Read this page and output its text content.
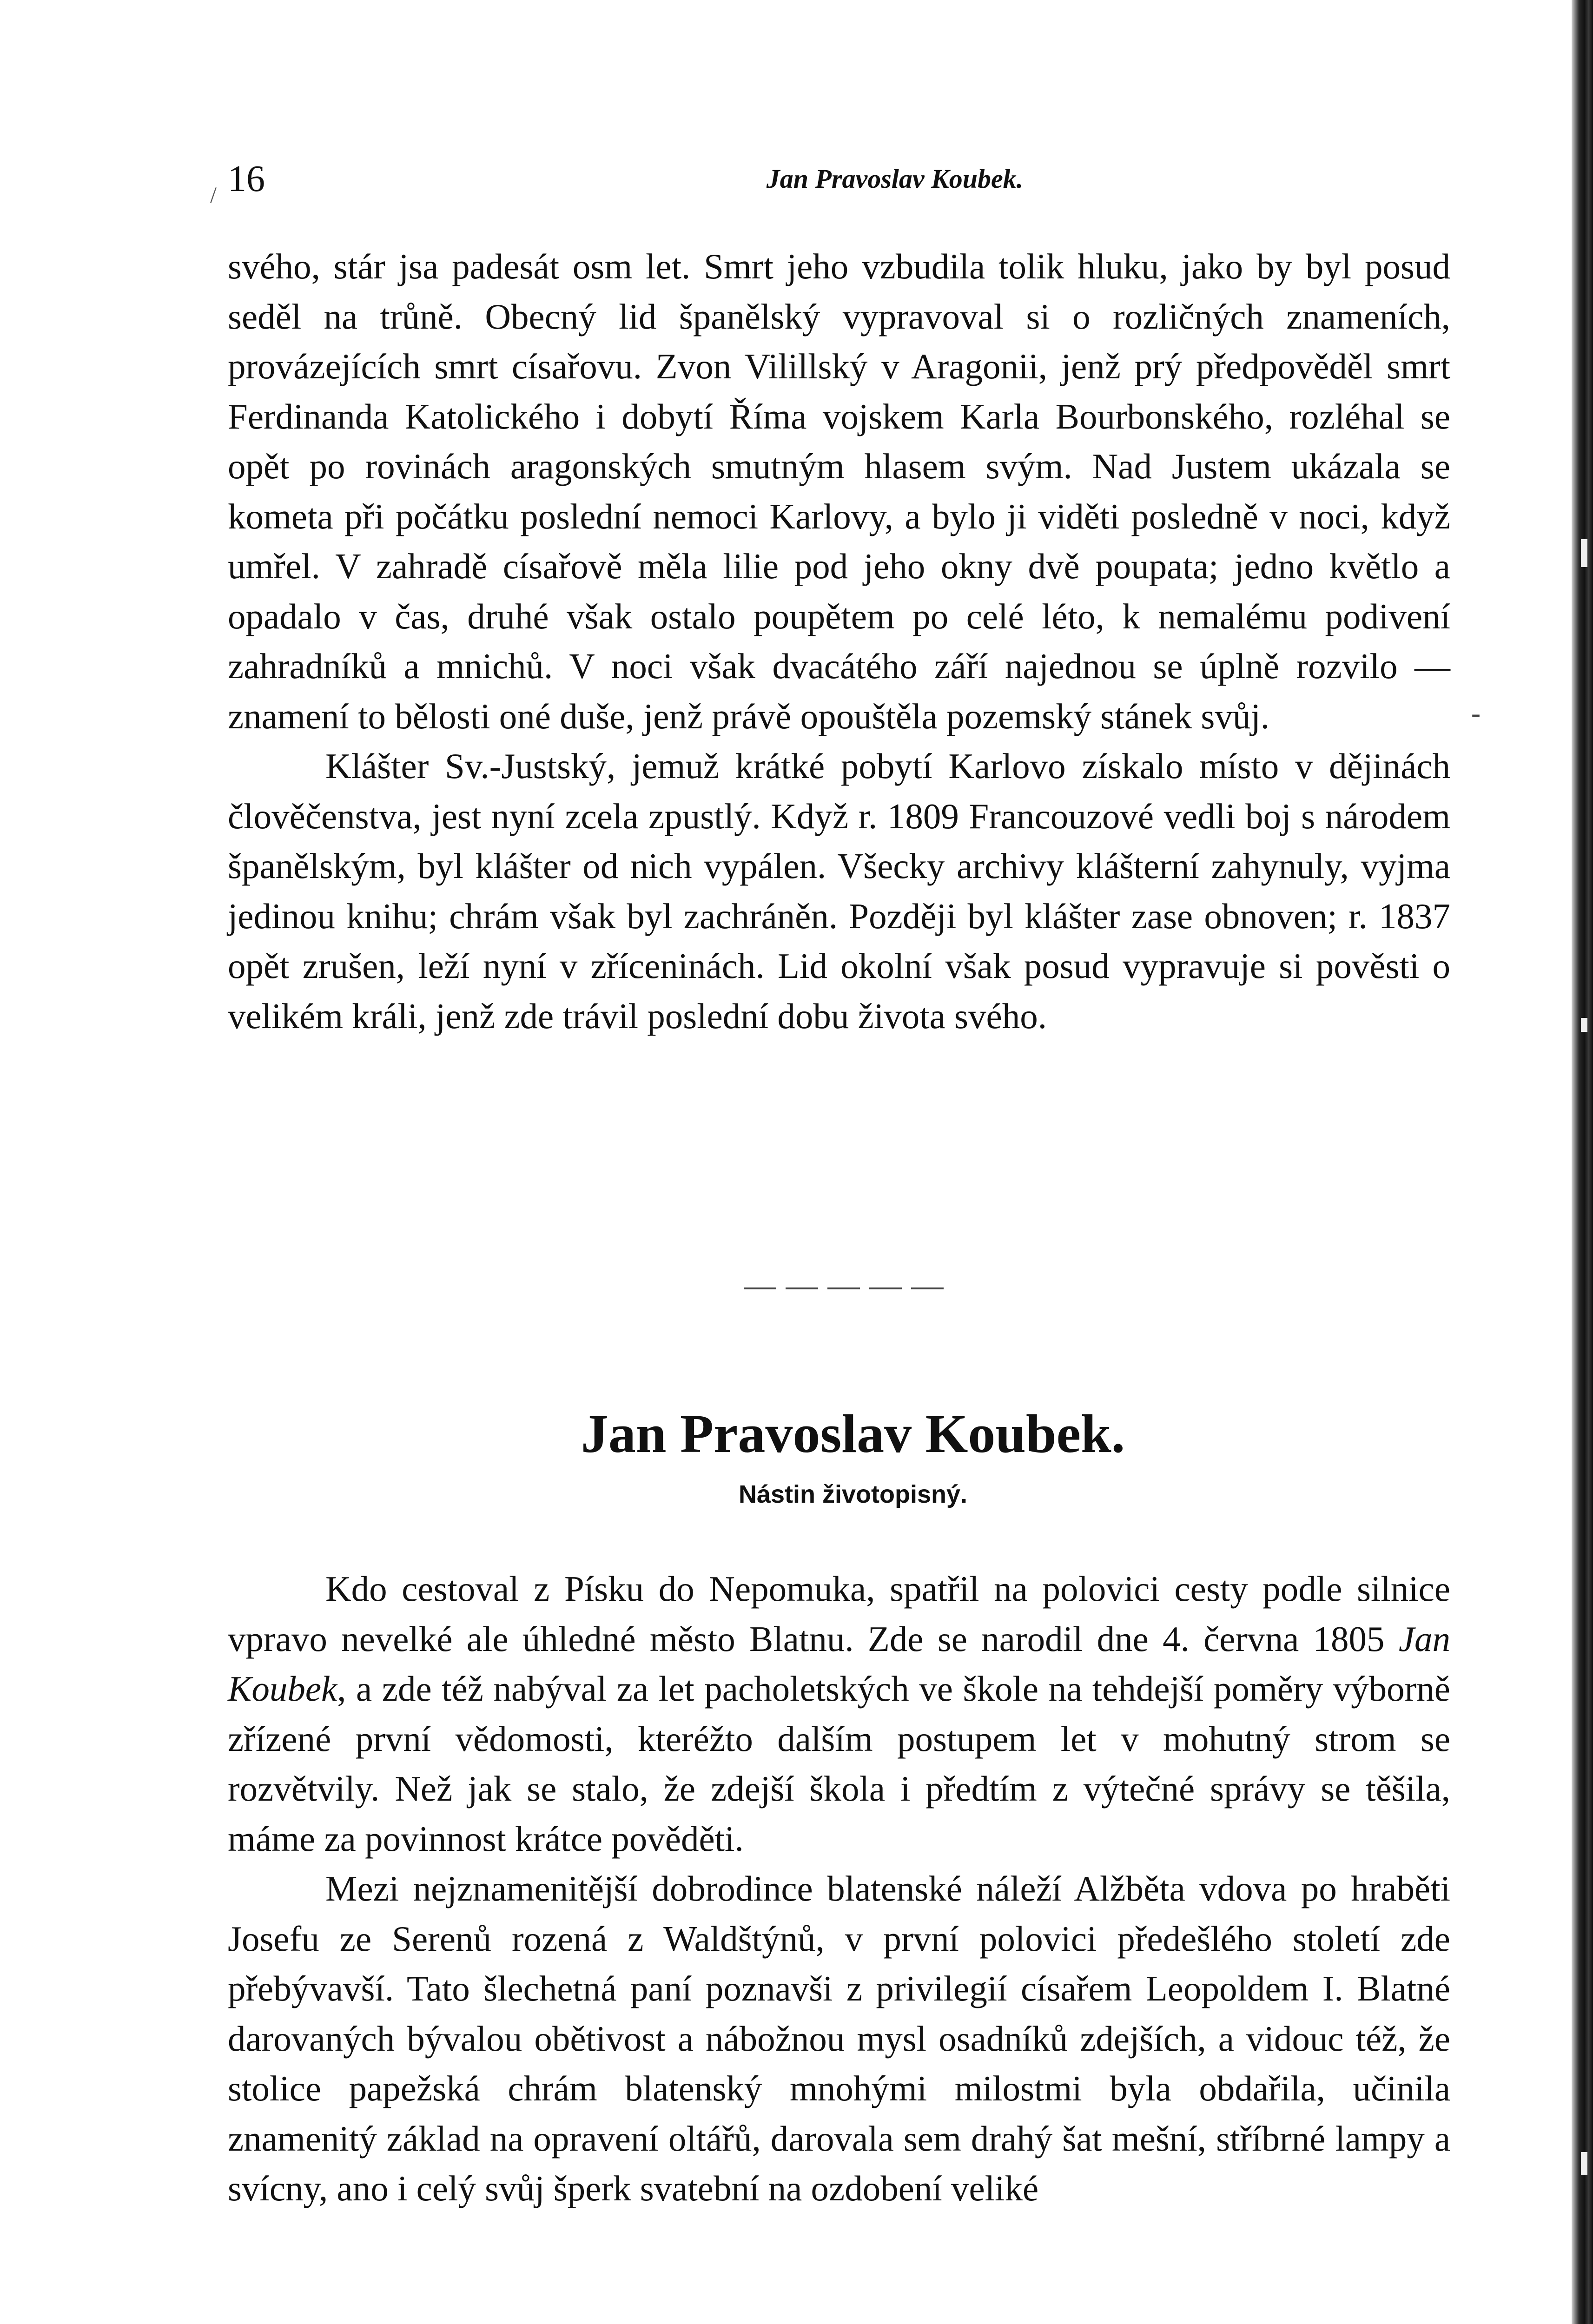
/ 16	Jan Pravoslav Koubek.

svého, stár jsa padesát osm let. Smrt jeho vzbudila tolik hluku, jako by byl posud seděl na trůně. Obecný lid španělský vypravoval si o rozličných znameních, provázejících smrt císařovu. Zvon Vilillský v Aragonii, jenž prý předpověděl smrt Ferdinanda Katolického i dobytí Říma vojskem Karla Bourbonského, rozléhal se opět po rovinách aragonských smutným hlasem svým. Nad Justem ukázala se kometa při počátku poslední nemoci Karlovy, a bylo ji viděti posledně v noci, když umřel. V zahradě císařově měla lilie pod jeho okny dvě poupata; jedno květlo a opadalo v čas, druhé však ostalo poupětem po celé léto, k nemalému podivení zahradníků a mnichů. V noci však dvacátého září najednou se úplně rozvilo — znamení to bělosti oné duše, jenž právě opouštěla pozemský stánek svůj.

Klášter Sv.-Justský, jemuž krátké pobytí Karlovo získalo místo v dějinách člověčenstva, jest nyní zcela zpustlý. Když r. 1809 Francouzové vedli boj s národem španělským, byl klášter od nich vypálen. Všecky archivy klášterní zahynuly, vyjma jedinou knihu; chrám však byl zachráněn. Později byl klášter zase obnoven; r. 1837 opět zrušen, leží nyní v zříceninách. Lid okolní však posud vypravuje si pověsti o velikém králi, jenž zde trávil poslední dobu života svého.

Jan Pravoslav Koubek.
Nástin životopisný.

Kdo cestoval z Písku do Nepomuka, spatřil na polovici cesty podle silnice vpravo nevelké ale úhledné město Blatnu. Zde se narodil dne 4. června 1805 Jan Koubek, a zde též nabýval za let pacholetských ve škole na tehdejší poměry výborně zřízené první vědomosti, kteréžto dalším postupem let v mohutný strom se rozvětvily. Než jak se stalo, že zdejší škola i předtím z výtečné správy se těšila, máme za povinnost krátce pověděti.

Mezi nejznamenitější dobrodince blatenské náleží Alžběta vdova po hraběti Josefu ze Serenů rozená z Waldštýnů, v první polovici předešlého století zde přebývavší. Tato šlechetná paní poznavši z privilegií císařem Leopoldem I. Blatné darovaných bývalou obětivost a nábožnou mysl osadníků zdejších, a vidouc též, že stolice papežská chrám blatenský mnohými milostmi byla obdařila, učinila znamenitý základ na opravení oltářů, darovala sem drahý šat mešní, stříbrné lampy a svícny, ano i celý svůj šperk svatební na ozdobení veliké

-
